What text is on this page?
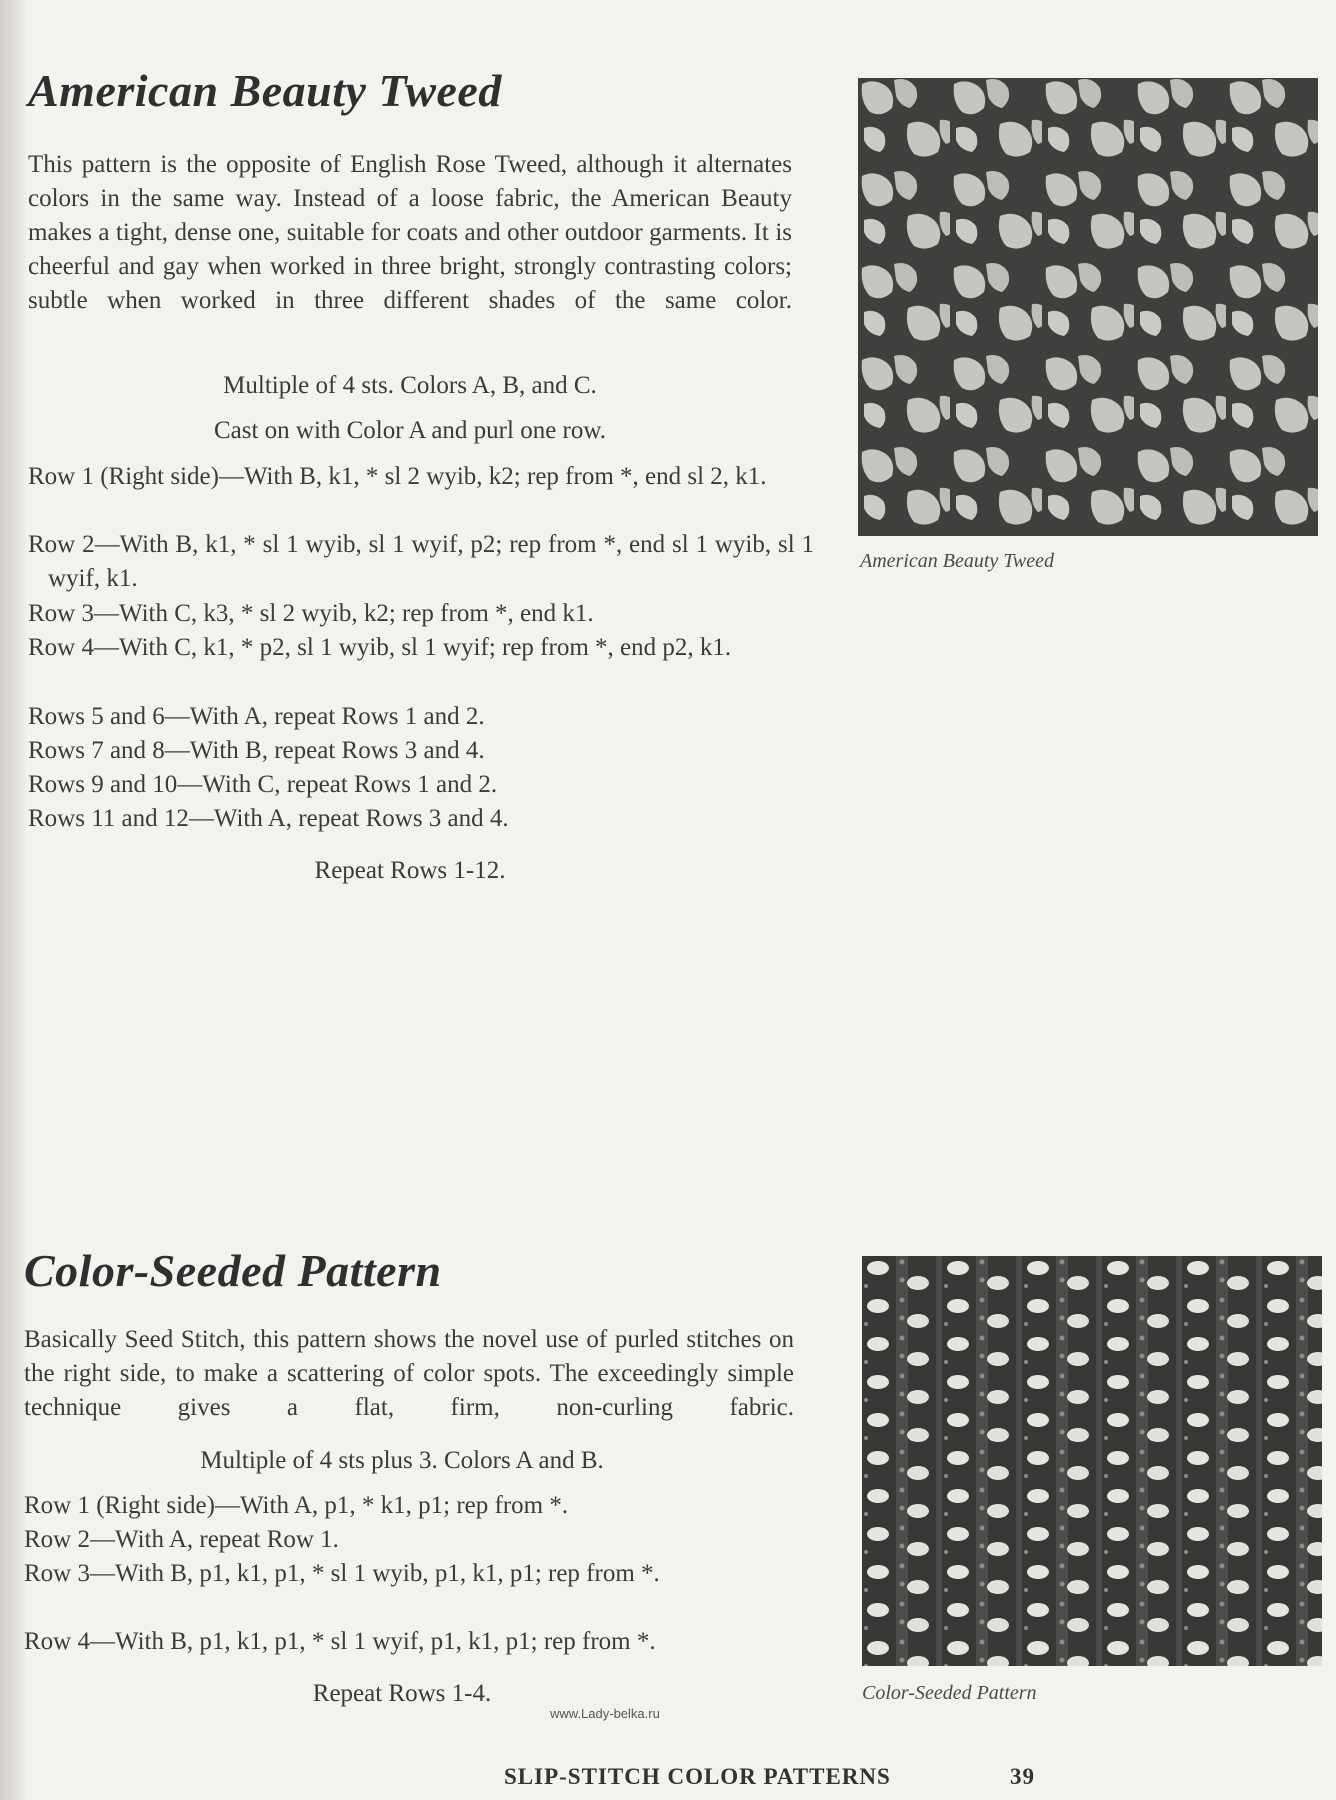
American Beauty Tweed

This pattern is the opposite of English Rose Tweed, although it alternates colors in the same way. Instead of a loose fabric, the American Beauty makes a tight, dense one, suitable for coats and other outdoor garments. It is cheerful and gay when worked in three bright, strongly contrasting colors; subtle when worked in three different shades of the same color.

Multiple of 4 sts. Colors A, B, and C.

Cast on with Color A and purl one row.

Row 1 (Right side)—With B, k1, * sl 2 wyib, k2; rep from *, end sl 2, k1.

Row 2—With B, k1, * sl 1 wyib, sl 1 wyif, p2; rep from *, end sl 1 wyib, sl 1 wyif, k1.

Row 3—With C, k3, * sl 2 wyib, k2; rep from *, end k1.

Row 4—With C, k1, * p2, sl 1 wyib, sl 1 wyif; rep from *, end p2, k1.

Rows 5 and 6—With A, repeat Rows 1 and 2.

Rows 7 and 8—With B, repeat Rows 3 and 4.

Rows 9 and 10—With C, repeat Rows 1 and 2.

Rows 11 and 12—With A, repeat Rows 3 and 4.

Repeat Rows 1-12.

American Beauty Tweed

Color-Seeded Pattern

Basically Seed Stitch, this pattern shows the novel use of purled stitches on the right side, to make a scattering of color spots. The exceedingly simple technique gives a flat, firm, non-curling fabric.

Multiple of 4 sts plus 3. Colors A and B.

Row 1 (Right side)—With A, p1, * k1, p1; rep from *.

Row 2—With A, repeat Row 1.

Row 3—With B, p1, k1, p1, * sl 1 wyib, p1, k1, p1; rep from *.

Row 4—With B, p1, k1, p1, * sl 1 wyif, p1, k1, p1; rep from *.

Repeat Rows 1-4.	Color-Seeded Pattern

www.Lady-belka.ru

SLIP-STITCH COLOR PATTERNS	39
